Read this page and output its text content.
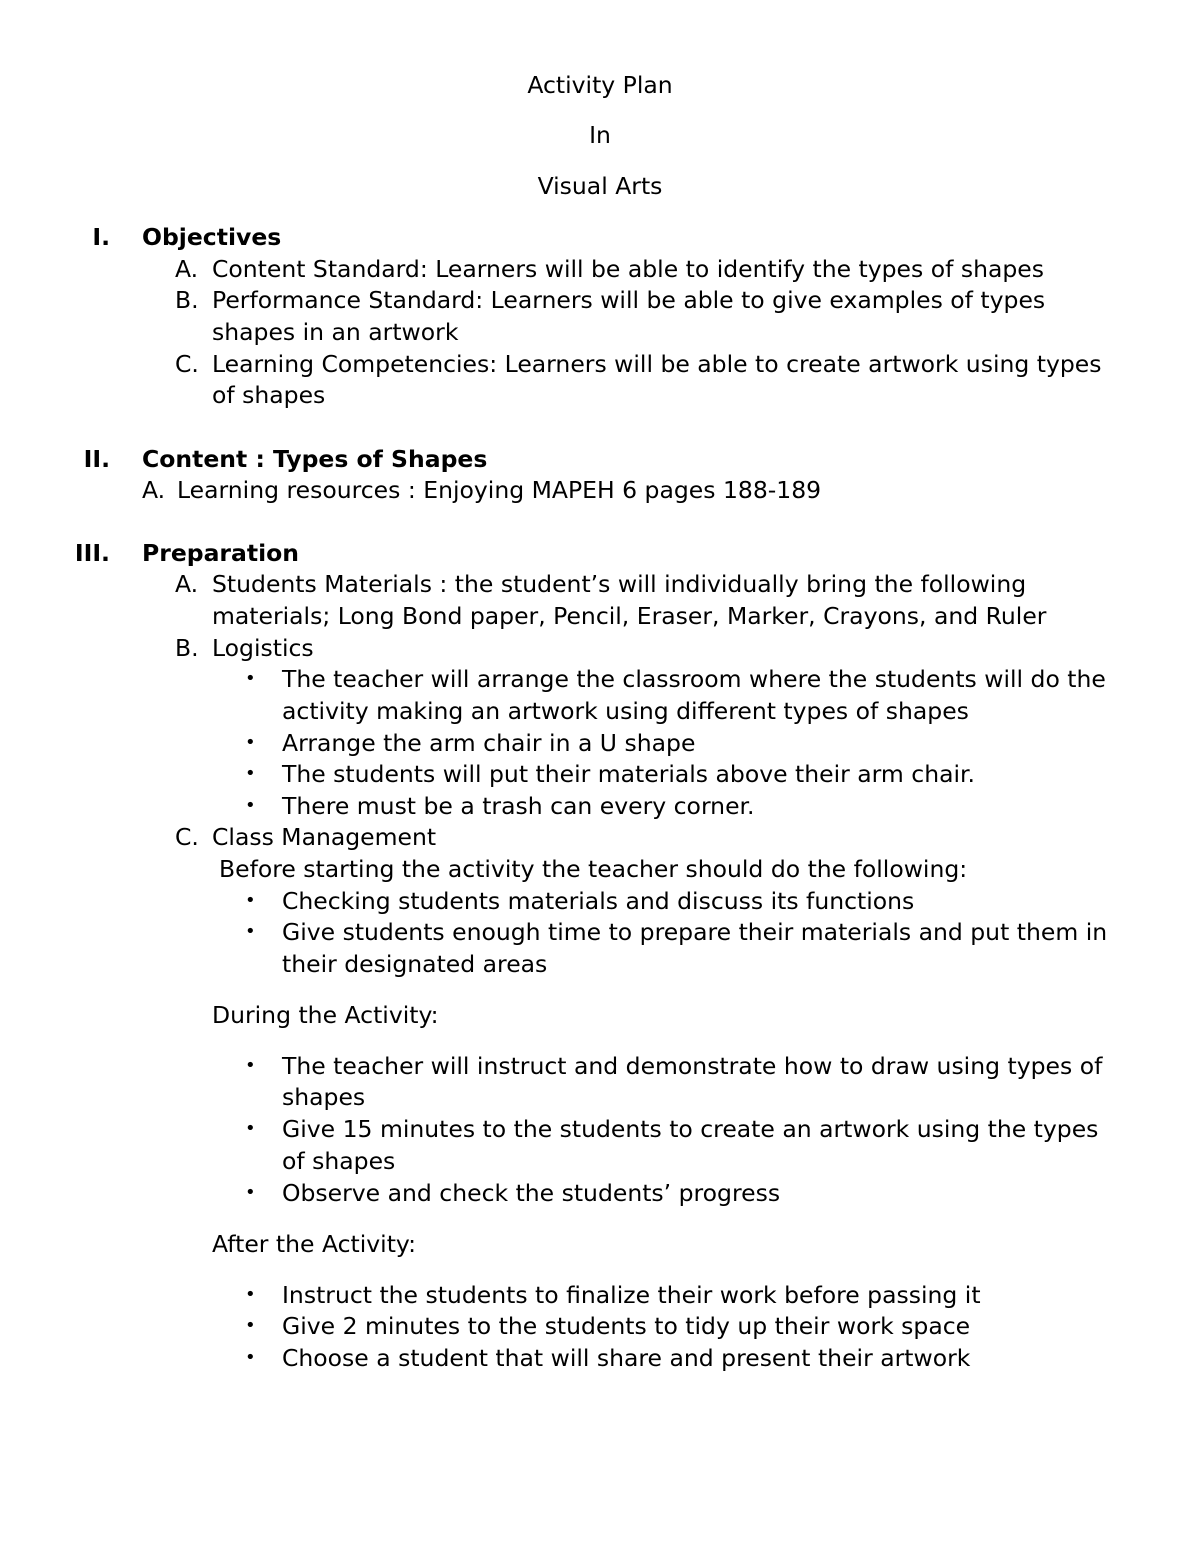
Activity Plan
In
Visual Arts
I. Objectives
A. Content Standard: Learners will be able to identify the types of shapes
B. Performance Standard: Learners will be able to give examples of types
shapes in an artwork
C. Learning Competencies: Learners will be able to create artwork using types
of shapes
II. Content : Types of Shapes
A. Learning resources : Enjoying MAPEH 6 pages 188-189
III. Preparation
A. Students Materials : the student’s will individually bring the following
materials; Long Bond paper, Pencil, Eraser, Marker, Crayons, and Ruler
B. Logistics
• The teacher will arrange the classroom where the students will do the
activity making an artwork using different types of shapes
• Arrange the arm chair in a U shape
• The students will put their materials above their arm chair.
• There must be a trash can every corner.
C. Class Management
Before starting the activity the teacher should do the following:
• Checking students materials and discuss its functions
• Give students enough time to prepare their materials and put them in
their designated areas
During the Activity:
• The teacher will instruct and demonstrate how to draw using types of
shapes
• Give 15 minutes to the students to create an artwork using the types
of shapes
• Observe and check the students’ progress
After the Activity:
• Instruct the students to finalize their work before passing it
• Give 2 minutes to the students to tidy up their work space
• Choose a student that will share and present their artwork
